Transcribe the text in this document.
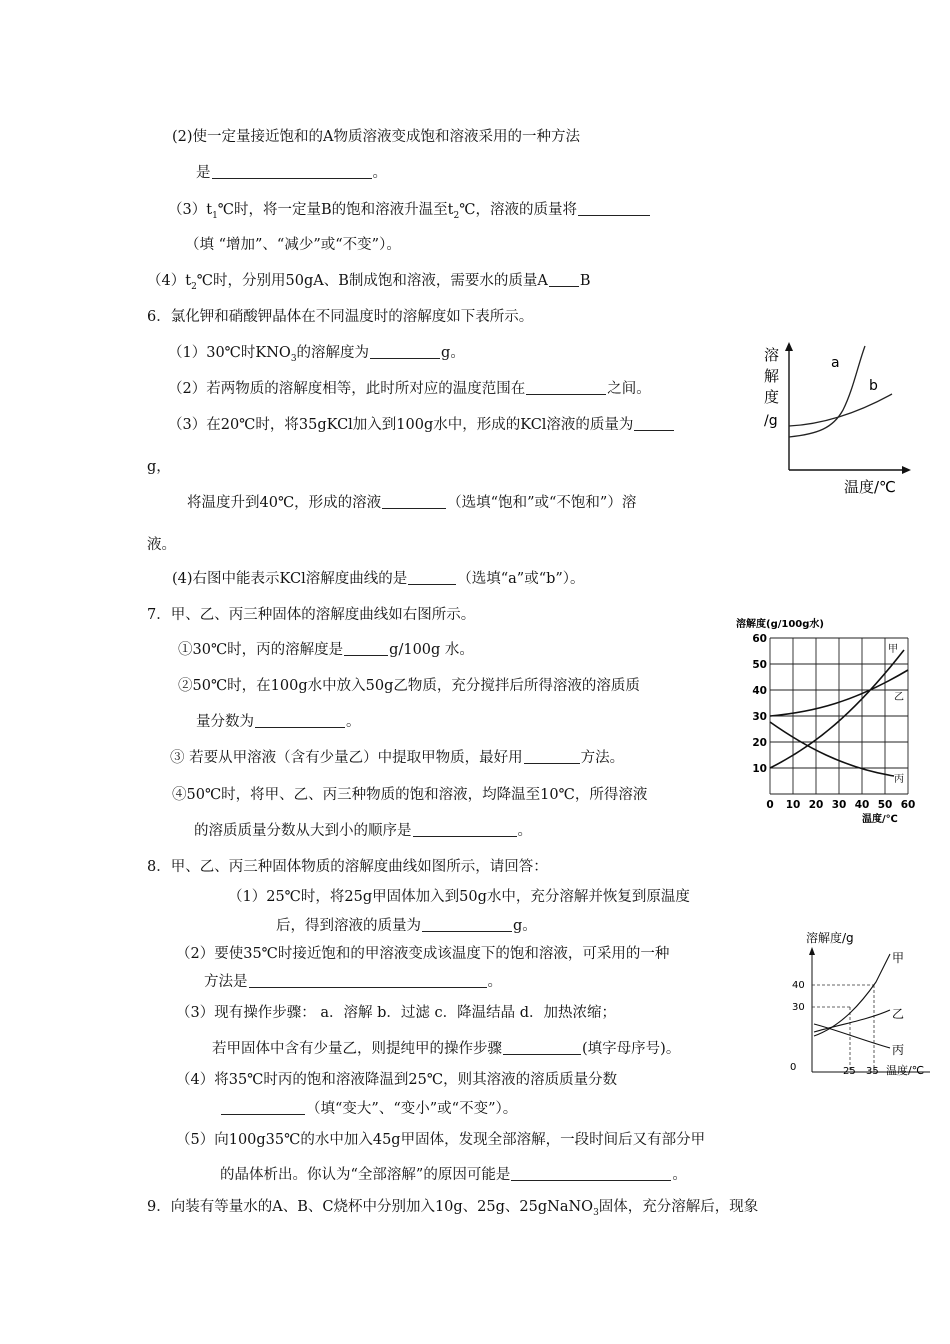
(2)使一定量接近饱和的A物质溶液变成饱和溶液采用的一种方法
是	。
$(3)t_1℃$时，将一定量B的饱和溶液升温至$t_2℃$，溶液的质量将
（填 “增加”、“减少”或“不变”）。
$(4)t_2℃$时，分别用50gA、B制成饱和溶液，需要水的质量A B
6．氯化钾和硝酸钾晶体在不同温度时的溶解度如下表所示。
（1）30℃时$KNO_3$的溶解度为	g。
（2）若两物质的溶解度相等，此时所对应的温度范围在	之间。
（3）在20℃时，将35gKCl加入到100g水中，形成的KCl溶液的质量为
g，
将温度升到40℃，形成的溶液	（选填“饱和”或“不饱和”）溶
液。
(4)右图中能表示KCl溶解度曲线的是	（选填“a”或“b”）。
溶
解
度
/g
a
b
温度/℃
7．甲、乙、丙三种固体的溶解度曲线如右图所示。
①30℃时，丙的溶解度是	g/100g 水。
②50℃时，在100g水中放入50g乙物质，充分搅拌后所得溶液的溶质质
量分数为	。
③ 若要从甲溶液（含有少量乙）中提取甲物质，最好用	方法。
④50℃时，将甲、乙、丙三种物质的饱和溶液，均降温至10℃，所得溶液
的溶质质量分数从大到小的顺序是	。
溶解度(g/100g水)
60
50
40
30
20
10
0 10 20 30 40 50 60
温度/℃
甲
乙
丙
8．甲、乙、丙三种固体物质的溶解度曲线如图所示，请回答：
（1）25℃时，将25g甲固体加入到50g水中，充分溶解并恢复到原温度
后，得到溶液的质量为	g。
（2）要使35℃时接近饱和的甲溶液变成该温度下的饱和溶液，可采用的一种
方法是	。
（3）现有操作步骤： a．溶解 b．过滤 c．降温结晶 d．加热浓缩；
若甲固体中含有少量乙，则提纯甲的操作步骤	(填字母序号)。
（4）将35℃时丙的饱和溶液降温到25℃，则其溶液的溶质质量分数
（填“变大”、“变小”或“不变”）。
（5）向100g35℃的水中加入45g甲固体，发现全部溶解，一段时间后又有部分甲
的晶体析出。你认为“全部溶解”的原因可能是	。
溶解度/g
40
30
0	25 35 温度/℃
甲
乙
丙
9．向装有等量水的A、B、C烧杯中分别加入10g、25g、25gNaNO$_3$固体，充分溶解后，现象
